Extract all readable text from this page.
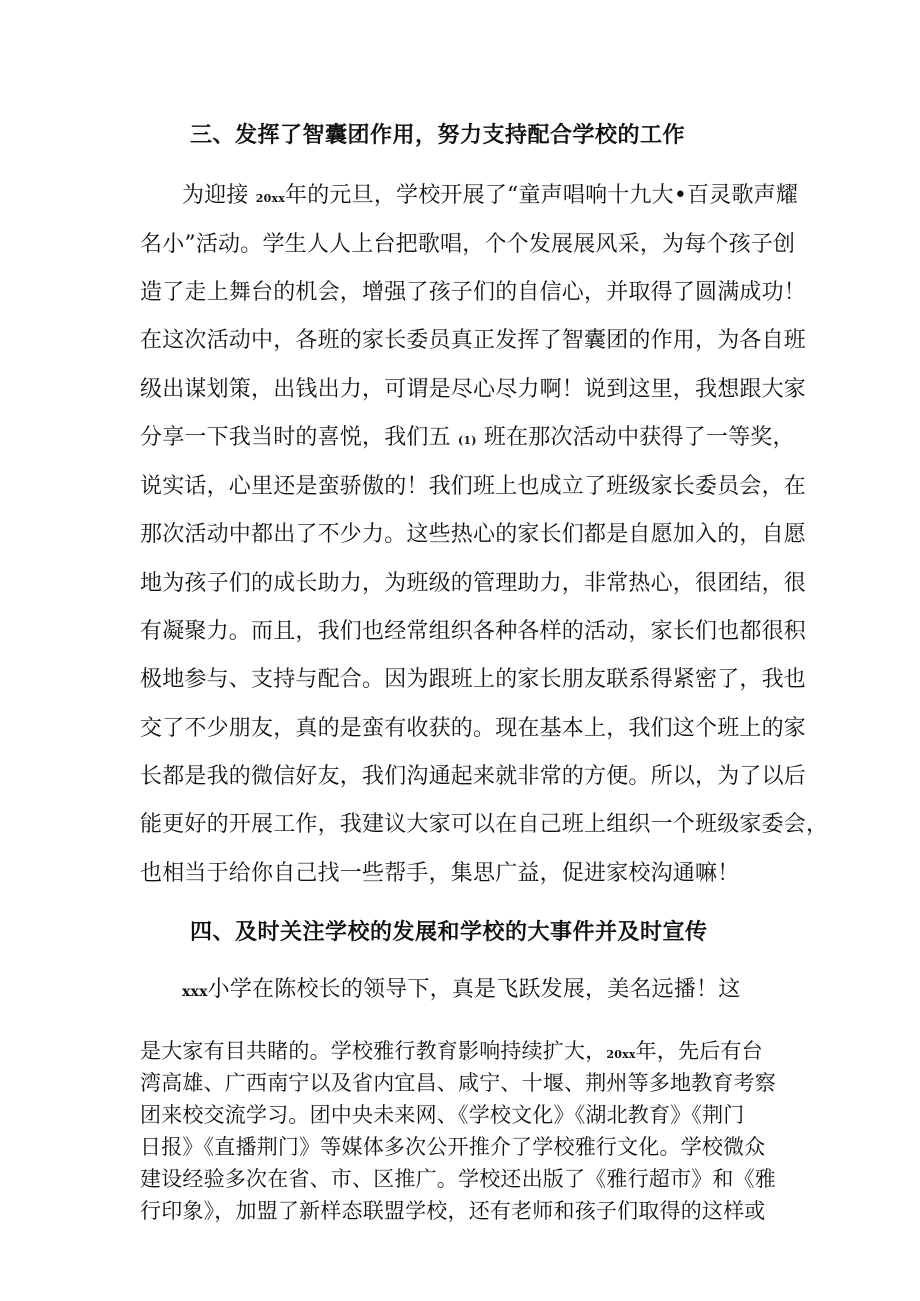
三、发挥了智囊团作用，努力支持配合学校的工作
为迎接 20xx年的元旦，学校开展了“童声唱响十九大•百灵歌声耀
名小”活动。学生人人上台把歌唱，个个发展展风采，为每个孩子创
造了走上舞台的机会，增强了孩子们的自信心，并取得了圆满成功！
在这次活动中，各班的家长委员真正发挥了智囊团的作用，为各自班
级出谋划策，出钱出力，可谓是尽心尽力啊！说到这里，我想跟大家
分享一下我当时的喜悦，我们五 (1) 班在那次活动中获得了一等奖，
说实话，心里还是蛮骄傲的！我们班上也成立了班级家长委员会，在
那次活动中都出了不少力。这些热心的家长们都是自愿加入的，自愿
地为孩子们的成长助力，为班级的管理助力，非常热心，很团结，很
有凝聚力。而且，我们也经常组织各种各样的活动，家长们也都很积
极地参与、支持与配合。因为跟班上的家长朋友联系得紧密了，我也
交了不少朋友，真的是蛮有收获的。现在基本上，我们这个班上的家
长都是我的微信好友，我们沟通起来就非常的方便。所以，为了以后
能更好的开展工作，我建议大家可以在自己班上组织一个班级家委会，
也相当于给你自己找一些帮手，集思广益，促进家校沟通嘛！
四、及时关注学校的发展和学校的大事件并及时宣传
xxx小学在陈校长的领导下，真是飞跃发展，美名远播！这
是大家有目共睹的。学校雅行教育影响持续扩大，20xx年，先后有台
湾高雄、广西南宁以及省内宜昌、咸宁、十堰、荆州等多地教育考察
团来校交流学习。团中央未来网、《学校文化》《湖北教育》《荆门
日报》《直播荆门》等媒体多次公开推介了学校雅行文化。学校微众
建设经验多次在省、市、区推广。学校还出版了《雅行超市》和《雅
行印象》，加盟了新样态联盟学校，还有老师和孩子们取得的这样或
